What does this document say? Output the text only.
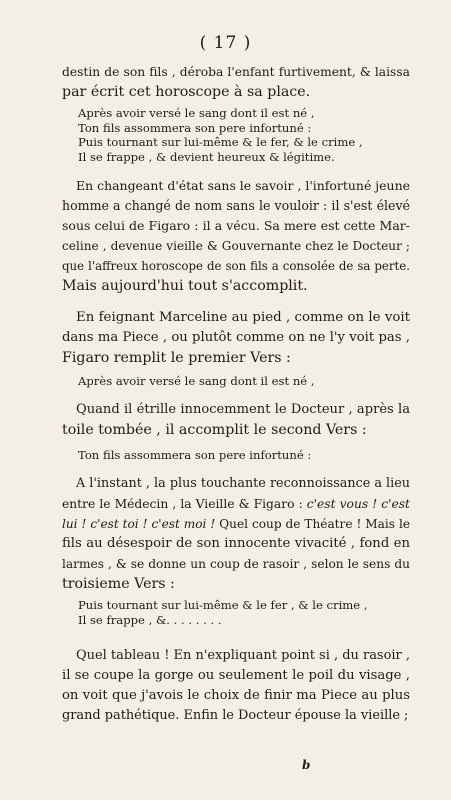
( 17 )
destin de son fils , déroba l'enfant furtivement, & laissa
par écrit cet horoscope à sa place.
Après avoir versé le sang dont il est né ,
Ton fils assommera son pere infortuné :
Puis tournant sur lui-même & le fer, & le crime ,
Il se frappe , & devient heureux & légitime.
En changeant d'état sans le savoir , l'infortuné jeune
homme a changé de nom sans le vouloir : il s'est élevé
sous celui de Figaro : il a vécu. Sa mere est cette Mar-
celine , devenue vieille & Gouvernante chez le Docteur ;
que l'affreux horoscope de son fils a consolée de sa perte.
Mais aujourd'hui tout s'accomplit.
En feignant Marceline au pied , comme on le voit
dans ma Piece , ou plutôt comme on ne l'y voit pas ,
Figaro remplit le premier Vers :
Après avoir versé le sang dont il est né ,
Quand il étrille innocemment le Docteur , après la
toile tombée , il accomplit le second Vers :
Ton fils assommera son pere infortuné :
A l'instant , la plus touchante reconnoissance a lieu
entre le Médecin , la Vieille & Figaro : c'est vous ! c'est
lui ! c'est toi ! c'est moi ! Quel coup de Théatre ! Mais le
fils au désespoir de son innocente vivacité , fond en
larmes , & se donne un coup de rasoir , selon le sens du
troisieme Vers :
Puis tournant sur lui-même & le fer , & le crime ,
Il se frappe , &. . . . . . . .
Quel tableau ! En n'expliquant point si , du rasoir ,
il se coupe la gorge ou seulement le poil du visage ,
on voit que j'avois le choix de finir ma Piece au plus
grand pathétique. Enfin le Docteur épouse la vieille ;
b
